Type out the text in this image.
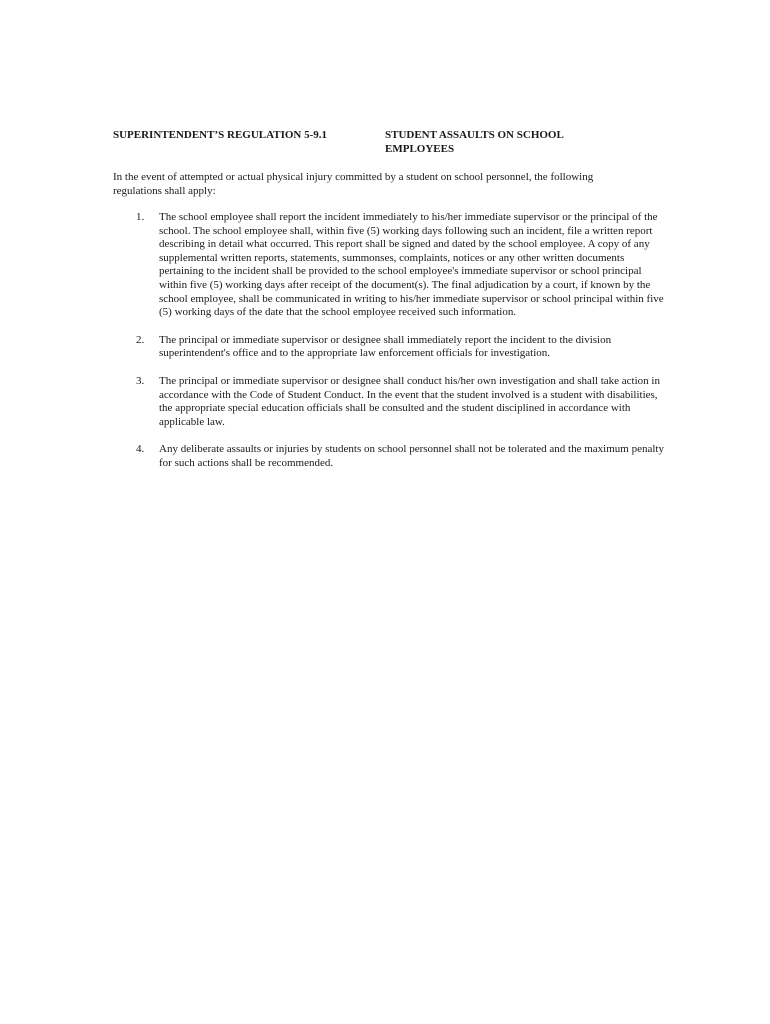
SUPERINTENDENT’S REGULATION 5-9.1	STUDENT ASSAULTS ON SCHOOL EMPLOYEES

In the event of attempted or actual physical injury committed by a student on school personnel, the following regulations shall apply:

1. The school employee shall report the incident immediately to his/her immediate supervisor or the principal of the school. The school employee shall, within five (5) working days following such an incident, file a written report describing in detail what occurred. This report shall be signed and dated by the school employee. A copy of any supplemental written reports, statements, summonses, complaints, notices or any other written documents pertaining to the incident shall be provided to the school employee's immediate supervisor or school principal within five (5) working days after receipt of the document(s). The final adjudication by a court, if known by the school employee, shall be communicated in writing to his/her immediate supervisor or school principal within five (5) working days of the date that the school employee received such information.
2. The principal or immediate supervisor or designee shall immediately report the incident to the division superintendent's office and to the appropriate law enforcement officials for investigation.
3. The principal or immediate supervisor or designee shall conduct his/her own investigation and shall take action in accordance with the Code of Student Conduct. In the event that the student involved is a student with disabilities, the appropriate special education officials shall be consulted and the student disciplined in accordance with applicable law.
4. Any deliberate assaults or injuries by students on school personnel shall not be tolerated and the maximum penalty for such actions shall be recommended.
